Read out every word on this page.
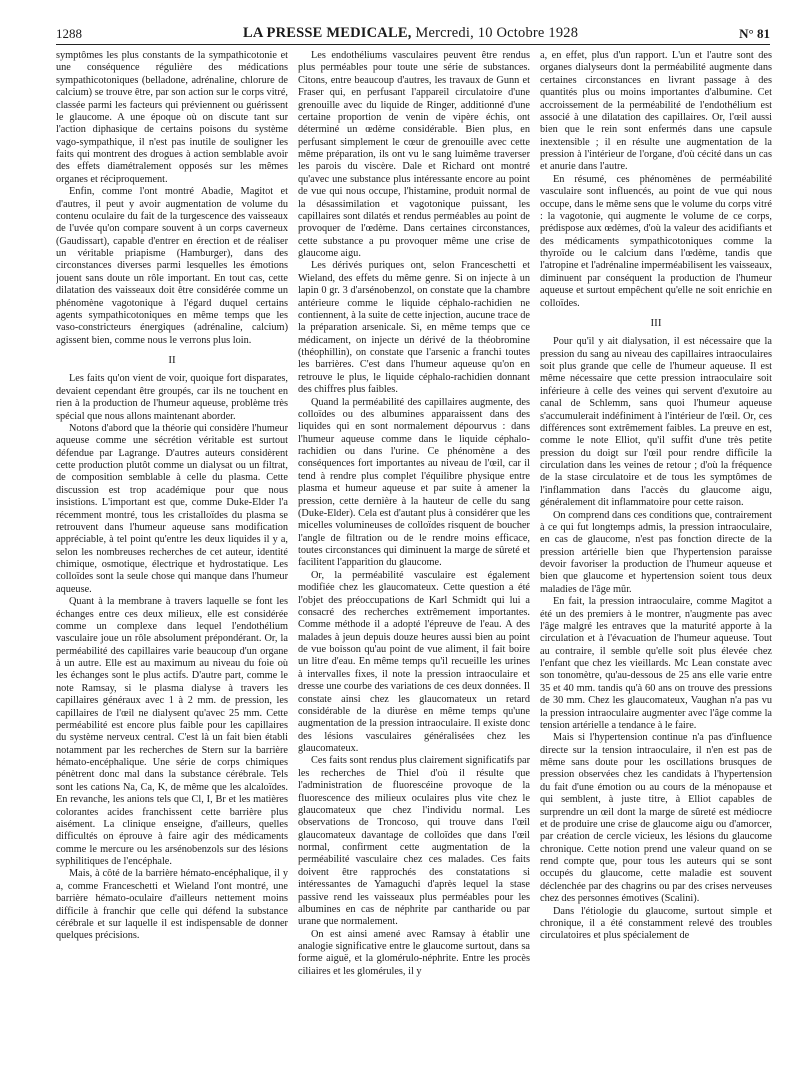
1288	LA PRESSE MEDICALE, Mercredi, 10 Octobre 1928	N° 81

symptômes les plus constants de la sympathicotonie et une conséquence régulière des médications sympathicotoniques (belladone, adrénaline, chlorure de calcium) se trouve être, par son action sur le corps vitré, classée parmi les facteurs qui préviennent ou guérissent le glaucome. A une époque où on discute tant sur l'action diphasique de certains poisons du système vago-sympathique, il n'est pas inutile de souligner les faits qui montrent des drogues à action semblable avoir des effets diamétralement opposés sur les mêmes organes et réciproquement.

Enfin, comme l'ont montré Abadie, Magitot et d'autres, il peut y avoir augmentation de volume du contenu oculaire du fait de la turgescence des vaisseaux de l'uvée qu'on compare souvent à un corps caverneux (Gaudissart), capable d'entrer en érection et de réaliser un véritable priapisme (Hamburger), dans des circonstances diverses parmi lesquelles les émotions jouent sans doute un rôle important. En tout cas, cette dilatation des vaisseaux doit être considérée comme un phénomène vagotonique à l'égard duquel certains agents sympathicotoniques en même temps que les vaso-constricteurs énergiques (adrénaline, calcium) agissent bien, comme nous le verrons plus loin.

II

Les faits qu'on vient de voir, quoique fort disparates, devaient cependant être groupés, car ils ne touchent en rien à la production de l'humeur aqueuse, problème très spécial que nous allons maintenant aborder.

Notons d'abord que la théorie qui considère l'humeur aqueuse comme une sécrétion véritable est surtout défendue par Lagrange. D'autres auteurs considèrent cette production plutôt comme un dialysat ou un filtrat, de composition semblable à celle du plasma. Cette discussion est trop académique pour que nous insistions. L'important est que, comme Duke-Elder l'a récemment montré, tous les cristalloïdes du plasma se retrouvent dans l'humeur aqueuse sans modification appréciable, à tel point qu'entre les deux liquides il y a, selon les nombreuses recherches de cet auteur, identité chimique, osmotique, électrique et hydrostatique. Les colloïdes sont la seule chose qui manque dans l'humeur aqueuse.

Quant à la membrane à travers laquelle se font les échanges entre ces deux milieux, elle est considérée comme un complexe dans lequel l'endothélium vasculaire joue un rôle absolument prépondérant. Or, la perméabilité des capillaires varie beaucoup d'un organe à un autre. Elle est au maximum au niveau du foie où les échanges sont le plus actifs. D'autre part, comme le note Ramsay, si le plasma dialyse à travers les capillaires généraux avec 1 à 2 mm. de pression, les capillaires de l'œil ne dialysent qu'avec 25 mm. Cette perméabilité est encore plus faible pour les capillaires du système nerveux central. C'est là un fait bien établi notamment par les recherches de Stern sur la barrière hémato-encéphalique. Une série de corps chimiques pénètrent donc mal dans la substance cérébrale. Tels sont les cations Na, Ca, K, de même que les alcaloïdes. En revanche, les anions tels que Cl, I, Br et les matières colorantes acides franchissent cette barrière plus aisément. La clinique enseigne, d'ailleurs, quelles difficultés on éprouve à faire agir des médicaments comme le mercure ou les arsénobenzols sur des lésions syphilitiques de l'encéphale.

Mais, à côté de la barrière hémato-encéphalique, il y a, comme Franceschetti et Wieland l'ont montré, une barrière hémato-oculaire d'ailleurs nettement moins difficile à franchir que celle qui défend la substance cérébrale et sur laquelle il est indispensable de donner quelques précisions.

Les endothéliums vasculaires peuvent être rendus plus perméables pour toute une série de substances. Citons, entre beaucoup d'autres, les travaux de Gunn et Fraser qui, en perfusant l'appareil circulatoire d'une grenouille avec du liquide de Ringer, additionné d'une certaine proportion de venin de vipère échis, ont déterminé un œdème considérable. Bien plus, en perfusant simplement le cœur de grenouille avec cette même préparation, ils ont vu le sang luimême traverser les parois du viscère. Dale et Richard ont montré qu'avec une substance plus intéressante encore au point de vue qui nous occupe, l'histamine, produit normal de la désassimilation et vagotonique puissant, les capillaires sont dilatés et rendus perméables au point de provoquer de l'œdème. Dans certaines circonstances, cette substance a pu provoquer même une crise de glaucome aigu.

Les dérivés puriques ont, selon Franceschetti et Wieland, des effets du même genre. Si on injecte à un lapin 0 gr. 3 d'arsénobenzol, on constate que la chambre antérieure comme le liquide céphalo-rachidien ne contiennent, à la suite de cette injection, aucune trace de la préparation arsenicale. Si, en même temps que ce médicament, on injecte un dérivé de la théobromine (théophillin), on constate que l'arsenic a franchi toutes les barrières. C'est dans l'humeur aqueuse qu'on en retrouve le plus, le liquide céphalo-rachidien donnant des chiffres plus faibles.

Quand la perméabilité des capillaires augmente, des colloïdes ou des albumines apparaissent dans des liquides qui en sont normalement dépourvus : dans l'humeur aqueuse comme dans le liquide céphalo-rachidien ou dans l'urine. Ce phénomène a des conséquences fort importantes au niveau de l'œil, car il tend à rendre plus complet l'équilibre physique entre plasma et humeur aqueuse et par suite à amener la pression, cette dernière à la hauteur de celle du sang (Duke-Elder). Cela est d'autant plus à considérer que les micelles volumineuses de colloïdes risquent de boucher l'angle de filtration ou de le rendre moins efficace, toutes circonstances qui diminuent la marge de sûreté et facilitent l'apparition du glaucome.

Or, la perméabilité vasculaire est également modifiée chez les glaucomateux. Cette question a été l'objet des préoccupations de Karl Schmidt qui lui a consacré des recherches extrêmement importantes. Comme méthode il a adopté l'épreuve de l'eau. A des malades à jeun depuis douze heures aussi bien au point de vue boisson qu'au point de vue aliment, il fait boire un litre d'eau. En même temps qu'il recueille les urines à intervalles fixes, il note la pression intraoculaire et dresse une courbe des variations de ces deux données. Il constate ainsi chez les glaucomateux un retard considérable de la diurèse en même temps qu'une augmentation de la pression intraoculaire. Il existe donc des lésions vasculaires généralisées chez les glaucomateux.

Ces faits sont rendus plus clairement significatifs par les recherches de Thiel d'où il résulte que l'administration de fluorescéine provoque de la fluorescence des milieux oculaires plus vite chez le glaucomateux que chez l'individu normal. Les observations de Troncoso, qui trouve dans l'œil glaucomateux davantage de colloïdes que dans l'œil normal, confirment cette augmentation de la perméabilité vasculaire chez ces malades. Ces faits doivent être rapprochés des constatations si intéressantes de Yamaguchi d'après lequel la stase passive rend les vaisseaux plus perméables pour les albumines en cas de néphrite par cantharide ou par urane que normalement.

On est ainsi amené avec Ramsay à établir une analogie significative entre le glaucome surtout, dans sa forme aiguë, et la glomérulo-néphrite. Entre les procès ciliaires et les glomérules, il y

a, en effet, plus d'un rapport. L'un et l'autre sont des organes dialyseurs dont la perméabilité augmente dans certaines circonstances en livrant passage à des quantités plus ou moins importantes d'albumine. Cet accroissement de la perméabilité de l'endothélium est associé à une dilatation des capillaires. Or, l'œil aussi bien que le rein sont enfermés dans une capsule inextensible ; il en résulte une augmentation de la pression à l'intérieur de l'organe, d'où cécité dans un cas et anurie dans l'autre.

En résumé, ces phénomènes de perméabilité vasculaire sont influencés, au point de vue qui nous occupe, dans le même sens que le volume du corps vitré : la vagotonie, qui augmente le volume de ce corps, prédispose aux œdèmes, d'où la valeur des acidifiants et des médicaments sympathicotoniques comme la thyroïde ou le calcium dans l'œdème, tandis que l'atropine et l'adrénaline imperméabilisent les vaisseaux, diminuent par conséquent la production de l'humeur aqueuse et surtout empêchent qu'elle ne soit enrichie en colloïdes.

III

Pour qu'il y ait dialysation, il est nécessaire que la pression du sang au niveau des capillaires intraoculaires soit plus grande que celle de l'humeur aqueuse. Il est même nécessaire que cette pression intraoculaire soit inférieure à celle des veines qui servent d'exutoire au canal de Schlemm, sans quoi l'humeur aqueuse s'accumulerait indéfiniment à l'intérieur de l'œil. Or, ces différences sont extrêmement faibles. La preuve en est, comme le note Elliot, qu'il suffit d'une très petite pression du doigt sur l'œil pour rendre difficile la circulation dans les veines de retour ; d'où la fréquence de la stase circulatoire et de tous les symptômes de l'inflammation dans l'accès du glaucome aigu, généralement dit inflammatoire pour cette raison.

On comprend dans ces conditions que, contrairement à ce qui fut longtemps admis, la pression intraoculaire, en cas de glaucome, n'est pas fonction directe de la pression artérielle bien que l'hypertension paraisse devoir favoriser la production de l'humeur aqueuse et bien que glaucome et hypertension soient tous deux maladies de l'âge mûr.

En fait, la pression intraoculaire, comme Magitot a été un des premiers à le montrer, n'augmente pas avec l'âge malgré les entraves que la maturité apporte à la circulation et à l'évacuation de l'humeur aqueuse. Tout au contraire, il semble qu'elle soit plus élevée chez l'enfant que chez les vieillards. Mc Lean constate avec son tonomètre, qu'au-dessous de 25 ans elle varie entre 35 et 40 mm. tandis qu'à 60 ans on trouve des pressions de 30 mm. Chez les glaucomateux, Vaughan n'a pas vu la pression intraoculaire augmenter avec l'âge comme la tension artérielle a tendance à le faire.

Mais si l'hypertension continue n'a pas d'influence directe sur la tension intraoculaire, il n'en est pas de même sans doute pour les oscillations brusques de pression observées chez les candidats à l'hypertension du fait d'une émotion ou au cours de la ménopause et qui semblent, à juste titre, à Elliot capables de surprendre un œil dont la marge de sûreté est médiocre et de produire une crise de glaucome aigu ou d'amorcer, par création de cercle vicieux, les lésions du glaucome chronique. Cette notion prend une valeur quand on se rend compte que, pour tous les auteurs qui se sont occupés du glaucome, cette maladie est souvent déclenchée par des chagrins ou par des crises nerveuses chez des personnes émotives (Scalini).

Dans l'étiologie du glaucome, surtout simple et chronique, il a été constamment relevé des troubles circulatoires et plus spécialement de
